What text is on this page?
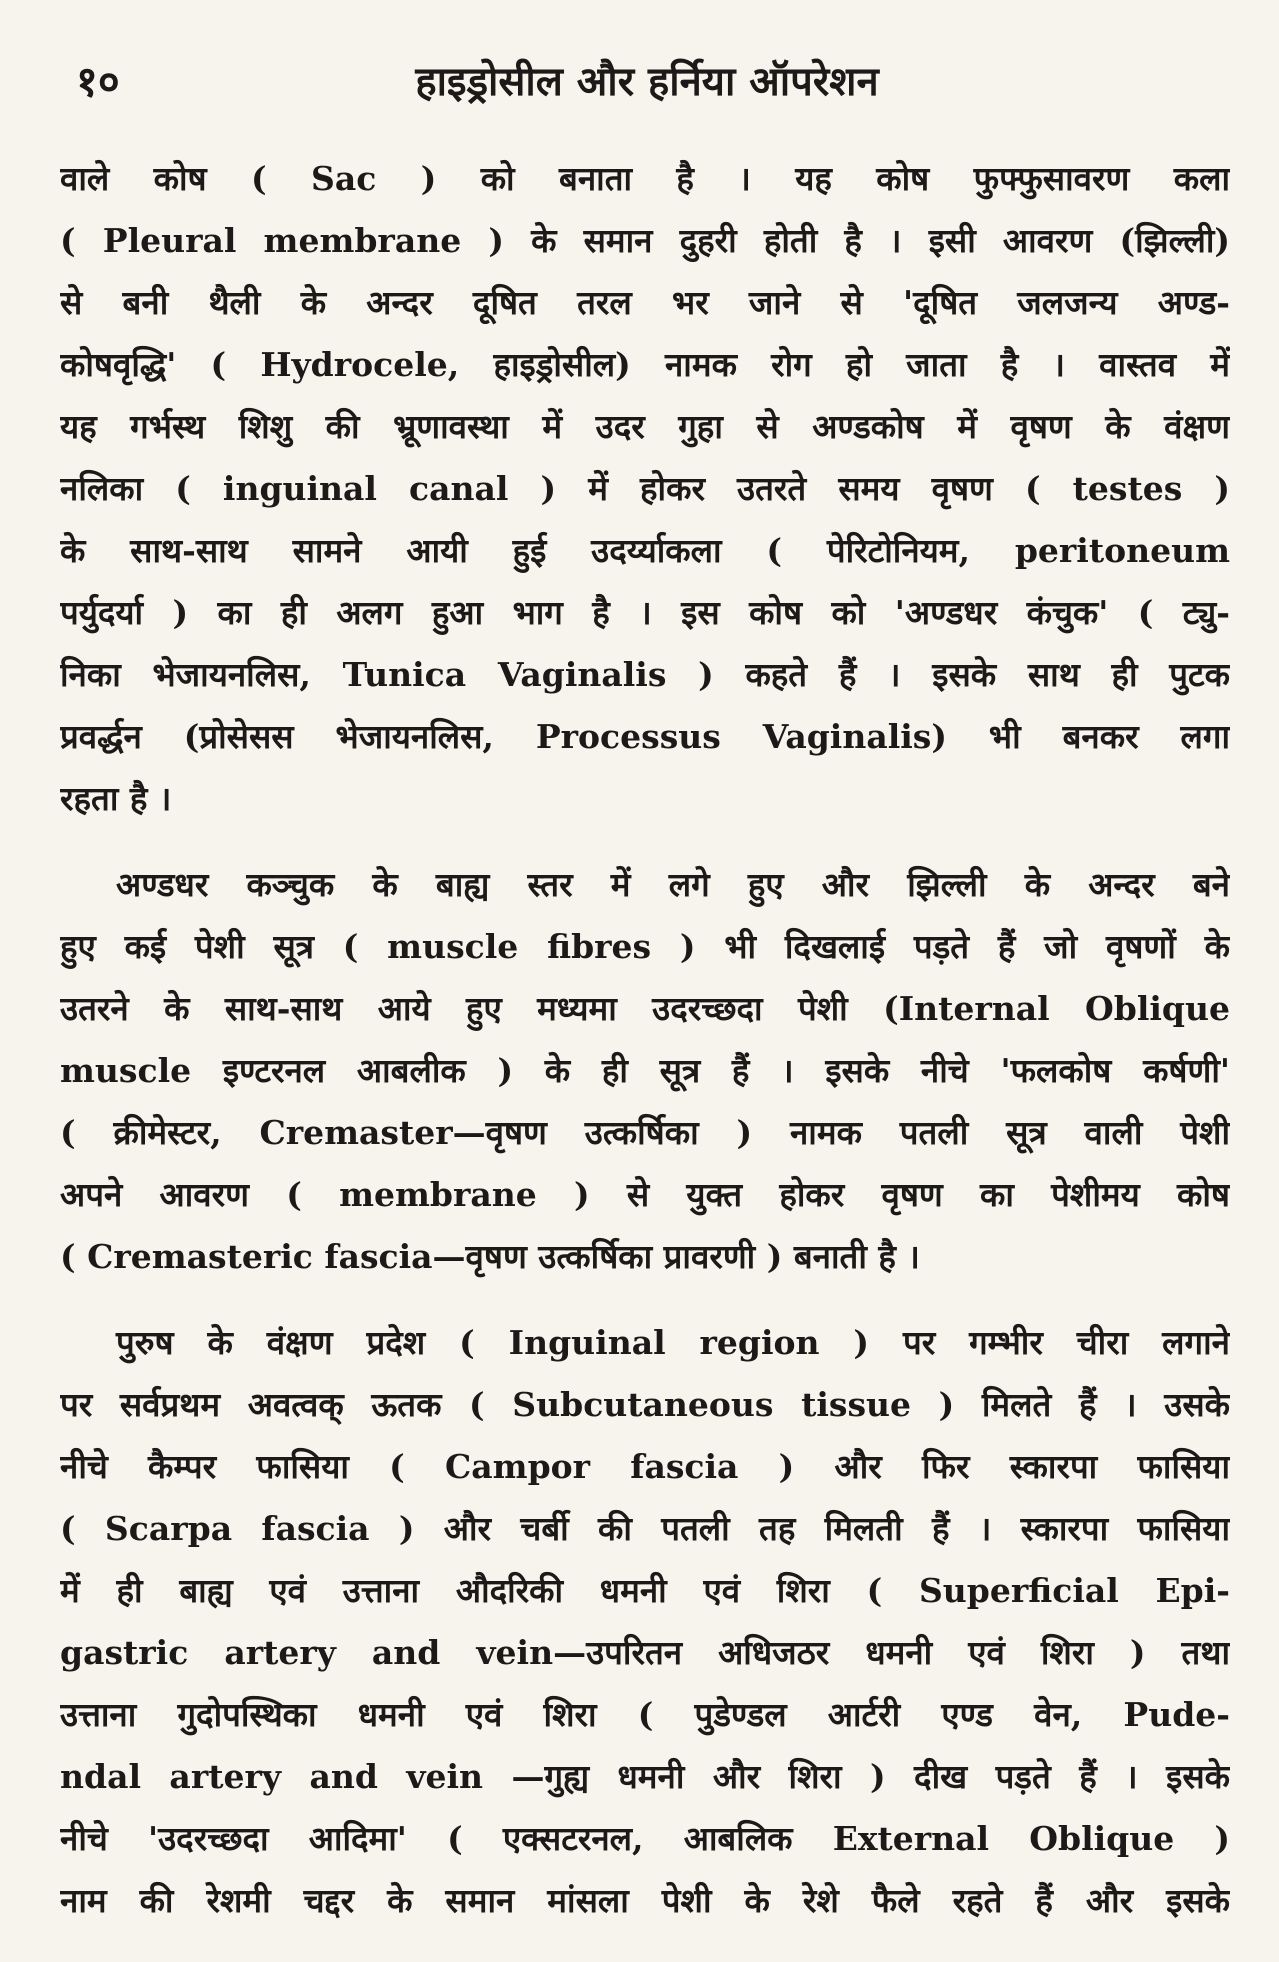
१०	हाइड्रोसील और हर्निया ऑपरेशन
वाले कोष ( Sac ) को बनाता है । यह कोष फुफ्फुसावरण कला
( Pleural membrane ) के समान दुहरी होती है । इसी आवरण (झिल्ली)
से बनी थैली के अन्दर दूषित तरल भर जाने से 'दूषित जलजन्य अण्ड-
कोषवृद्धि' ( Hydrocele, हाइड्रोसील) नामक रोग हो जाता है । वास्तव में
यह गर्भस्थ शिशु की भ्रूणावस्था में उदर गुहा से अण्डकोष में वृषण के वंक्षण
नलिका ( inguinal canal ) में होकर उतरते समय वृषण ( testes )
के साथ-साथ सामने आयी हुई उदर्य्याकला ( पेरिटोनियम, peritoneum
पर्युदर्या ) का ही अलग हुआ भाग है । इस कोष को 'अण्डधर कंचुक' ( ट्यु-
निका भेजायनलिस, Tunica Vaginalis ) कहते हैं । इसके साथ ही पुटक
प्रवर्द्धन (प्रोसेसस भेजायनलिस, Processus Vaginalis) भी बनकर लगा
रहता है ।
अण्डधर कञ्चुक के बाह्य स्तर में लगे हुए और झिल्ली के अन्दर बने
हुए कई पेशी सूत्र ( muscle fibres ) भी दिखलाई पड़ते हैं जो वृषणों के
उतरने के साथ-साथ आये हुए मध्यमा उदरच्छदा पेशी (Internal Oblique
muscle इण्टरनल आबलीक ) के ही सूत्र हैं । इसके नीचे 'फलकोष कर्षणी'
( क्रीमेस्टर, Cremaster—वृषण उत्कर्षिका ) नामक पतली सूत्र वाली पेशी
अपने आवरण ( membrane ) से युक्त होकर वृषण का पेशीमय कोष
( Cremasteric fascia—वृषण उत्कर्षिका प्रावरणी ) बनाती है ।
पुरुष के वंक्षण प्रदेश ( Inguinal region ) पर गम्भीर चीरा लगाने
पर सर्वप्रथम अवत्वक् ऊतक ( Subcutaneous tissue ) मिलते हैं । उसके
नीचे कैम्पर फासिया ( Campor fascia ) और फिर स्कारपा फासिया
( Scarpa fascia ) और चर्बी की पतली तह मिलती हैं । स्कारपा फासिया
में ही बाह्य एवं उत्ताना औदरिकी धमनी एवं शिरा ( Superficial Epi-
gastric artery and vein—उपरितन अधिजठर धमनी एवं शिरा ) तथा
उत्ताना गुदोपस्थिका धमनी एवं शिरा ( पुडेण्डल आर्टरी एण्ड वेन, Pude-
ndal artery and vein —गुह्य धमनी और शिरा ) दीख पड़ते हैं । इसके
नीचे 'उदरच्छदा आदिमा' ( एक्सटरनल, आबलिक External Oblique )
नाम की रेशमी चद्दर के समान मांसला पेशी के रेशे फैले रहते हैं और इसके
